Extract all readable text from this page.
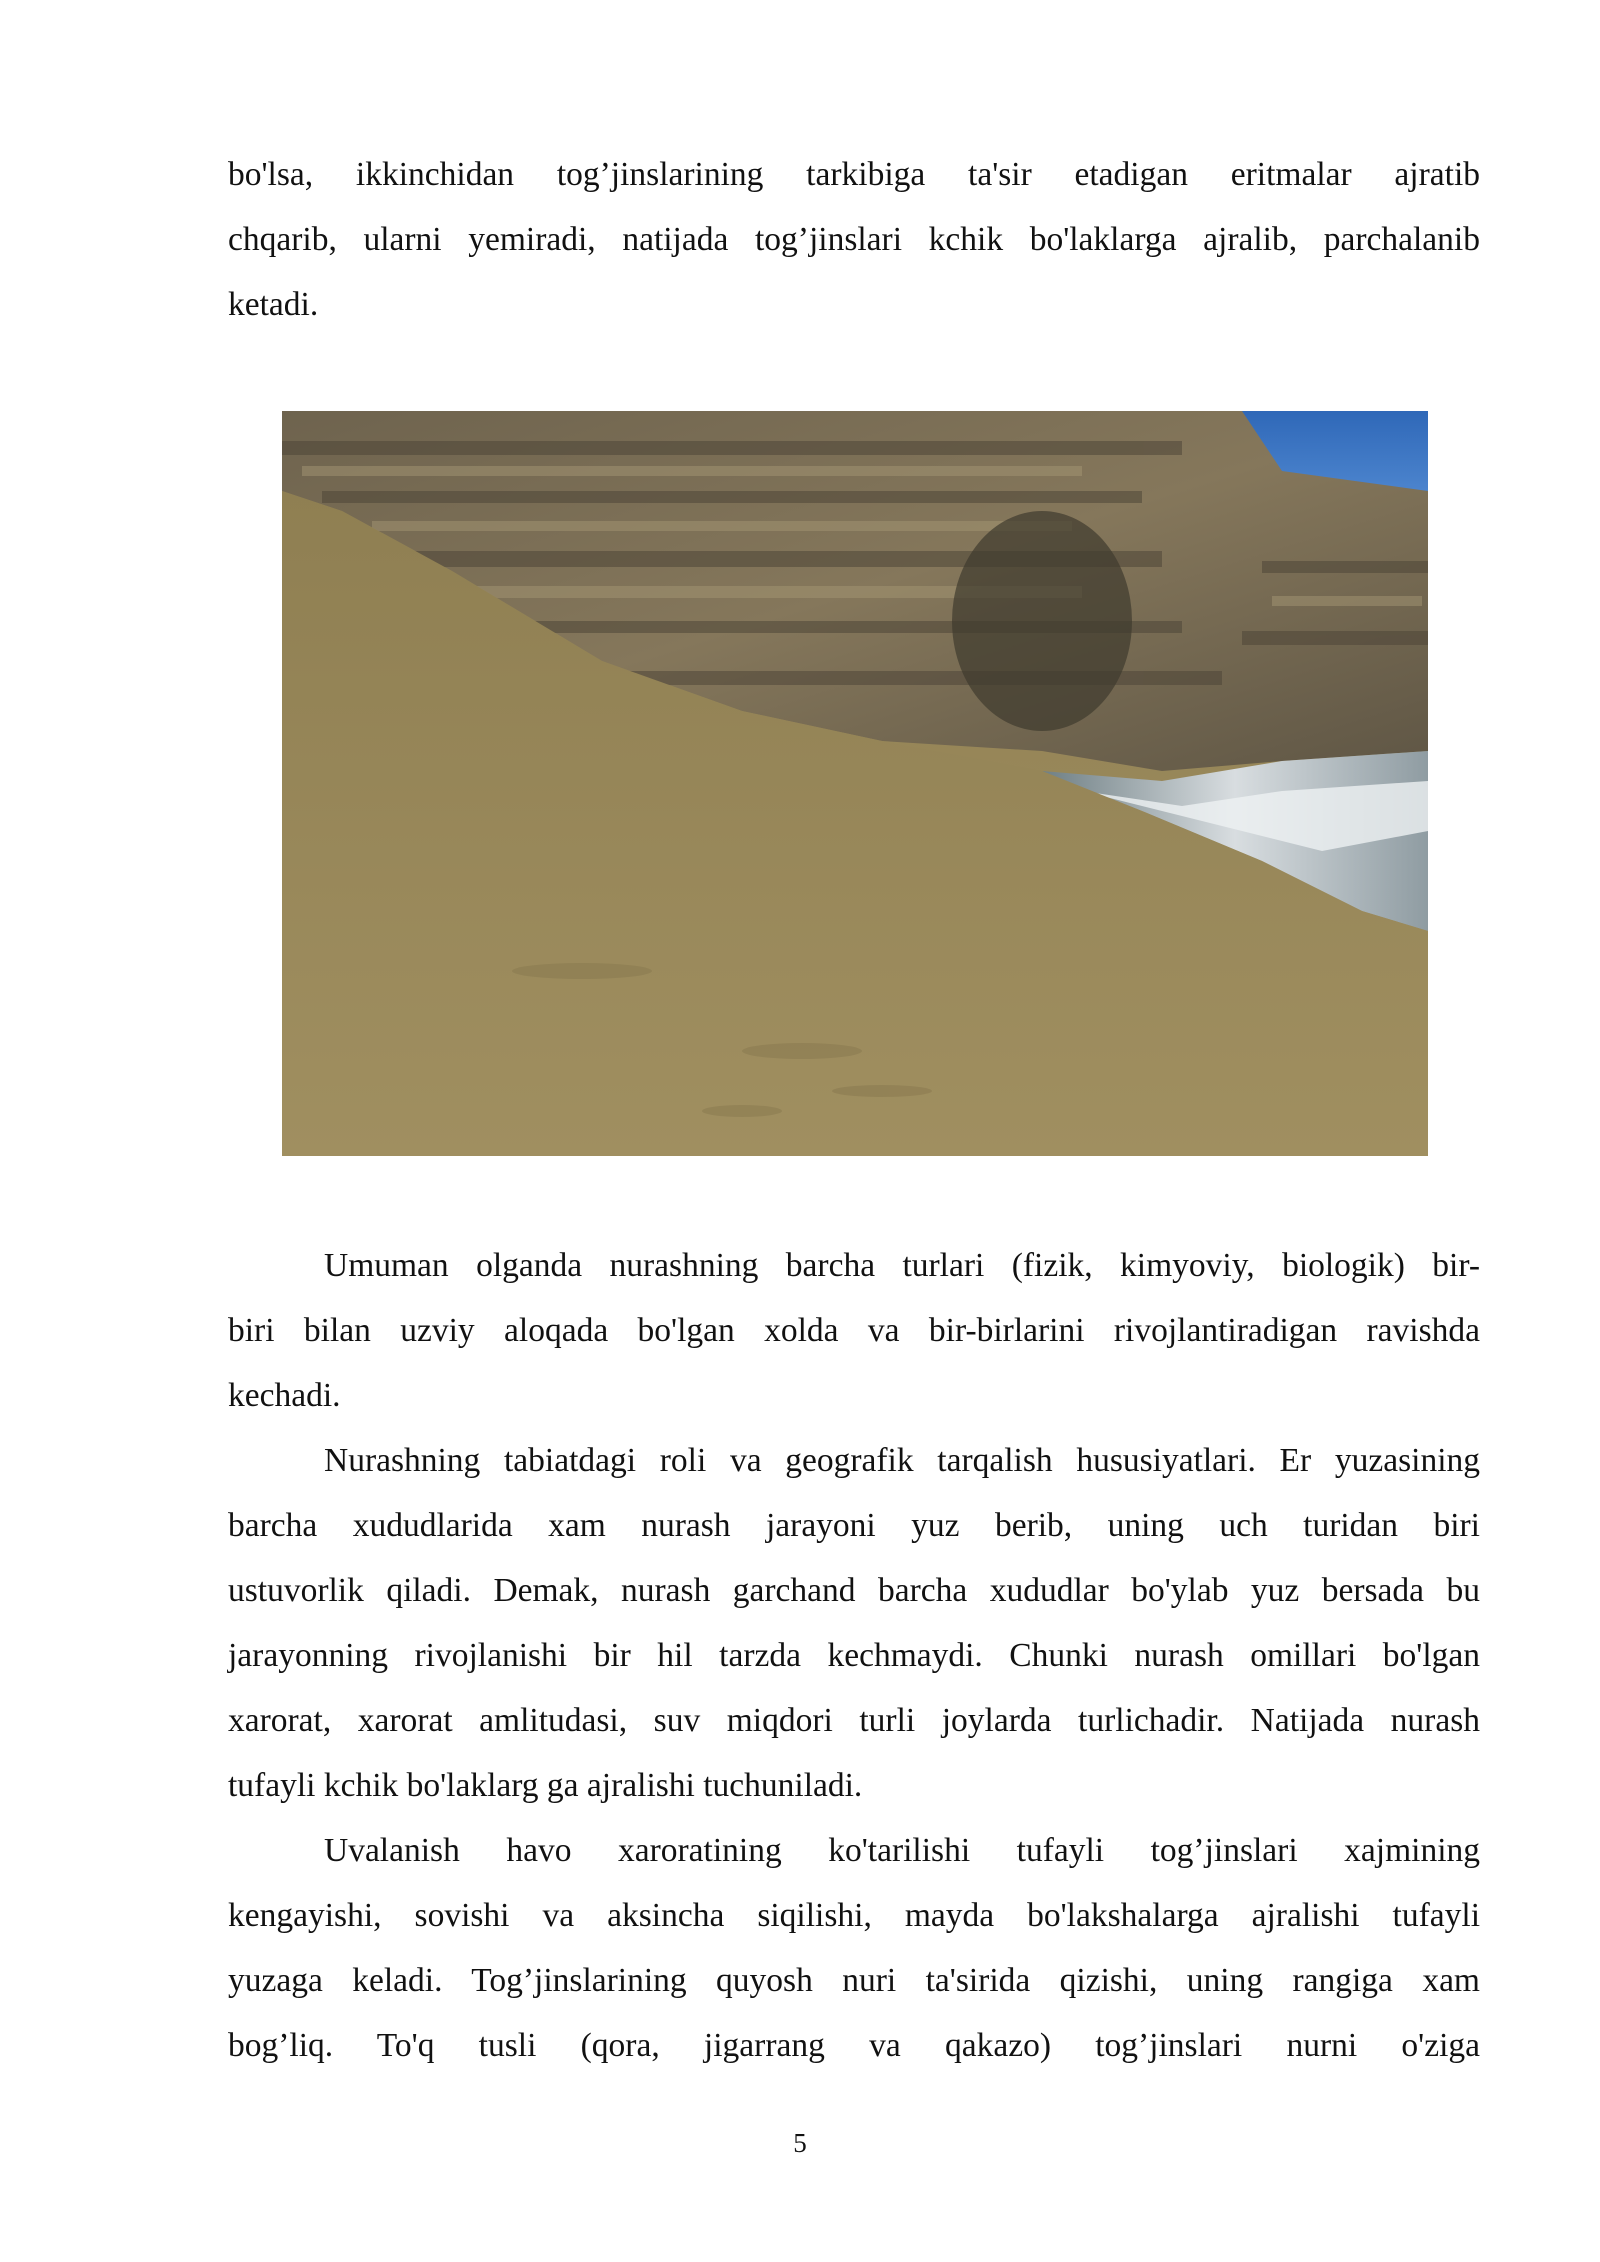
bo'lsa, ikkinchidan tog’jinslarining tarkibiga ta'sir etadigan eritmalar ajratib
chqarib, ularni yemiradi, natijada tog’jinslari kchik bo'laklarga ajralib, parchalanib
ketadi.

Umuman olganda nurashning barcha turlari (fizik, kimyoviy, biologik) bir-
biri bilan uzviy aloqada bo'lgan xolda va bir-birlarini rivojlantiradigan ravishda
kechadi.

Nurashning tabiatdagi roli va geografik tarqalish hususiyatlari. Er yuzasining
barcha xududlarida xam nurash jarayoni yuz berib, uning uch turidan biri
ustuvorlik qiladi. Demak, nurash garchand barcha xududlar bo'ylab yuz bersada bu
jarayonning rivojlanishi bir hil tarzda kechmaydi. Chunki nurash omillari bo'lgan
xarorat, xarorat amlitudasi, suv miqdori turli joylarda turlichadir. Natijada nurash
tufayli kchik bo'laklarg ga ajralishi tuchuniladi.

Uvalanish havo xaroratining ko'tarilishi tufayli tog’jinslari xajmining
kengayishi, sovishi va aksincha siqilishi, mayda bo'lakshalarga ajralishi tufayli
yuzaga keladi. Tog’jinslarining quyosh nuri ta'sirida qizishi, uning rangiga xam
bog’liq. To'q tusli (qora, jigarrang va qakazo) tog’jinslari nurni o'ziga

5
